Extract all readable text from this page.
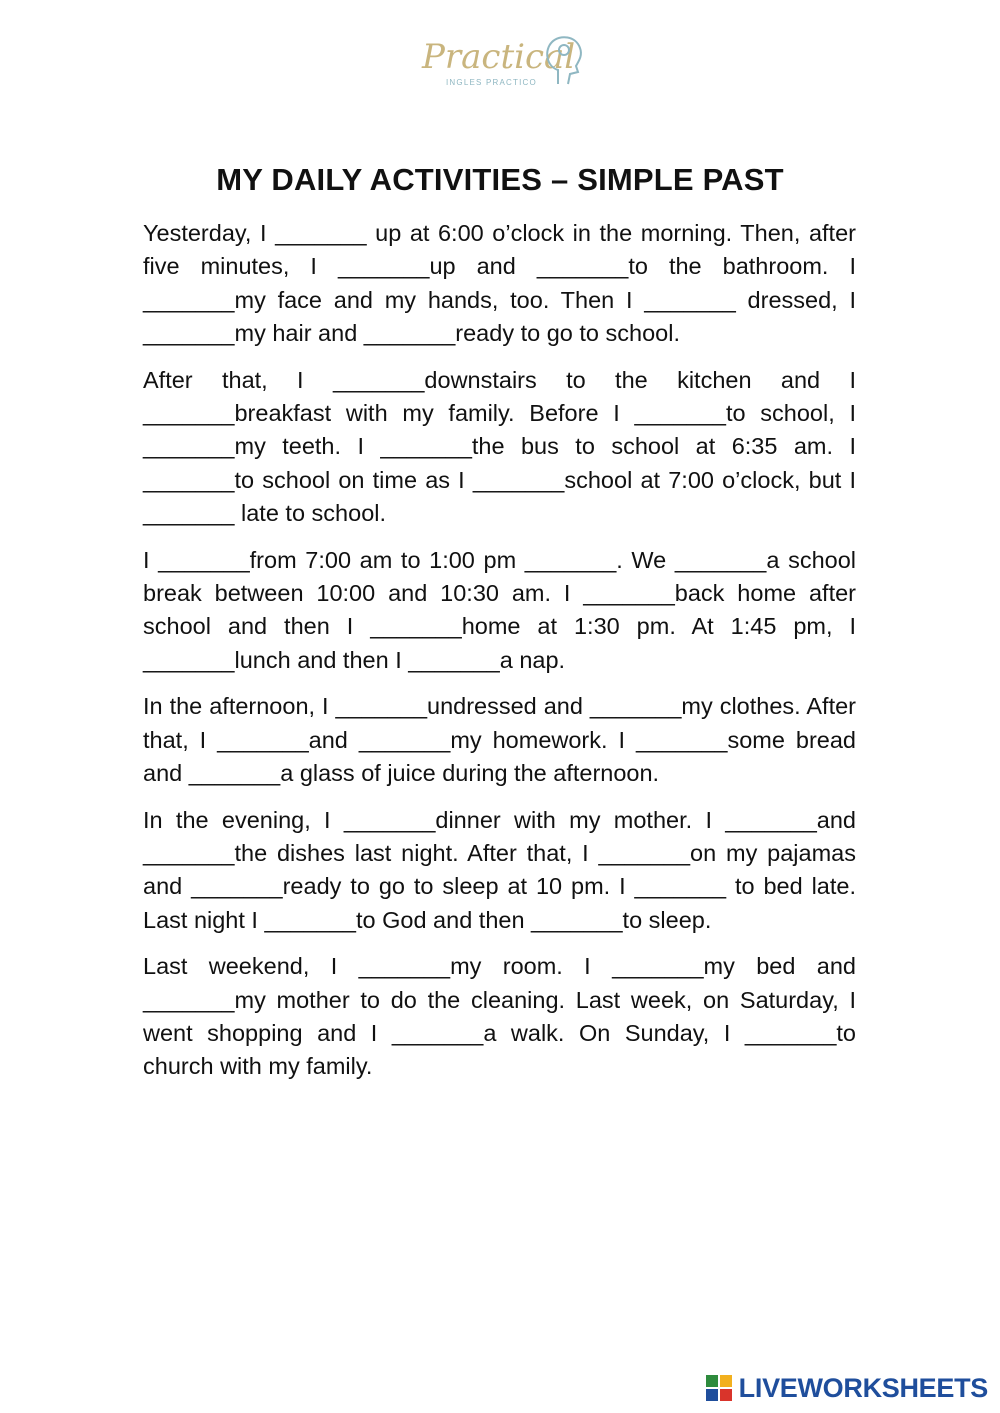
Practical
INGLES PRACTICO
MY DAILY ACTIVITIES – SIMPLE PAST

Yesterday, I _______ up at 6:00 o’clock in the morning. Then, after five minutes, I _______up and _______to the bathroom. I _______my face and my hands, too. Then I _______ dressed, I _______my hair and _______ready to go to school.

After that, I _______downstairs to the kitchen and I _______breakfast with my family. Before I _______to school, I _______my teeth. I _______the bus to school at 6:35 am. I _______to school on time as I _______school at 7:00 o’clock, but I _______ late to school.

I _______from 7:00 am to 1:00 pm _______. We _______a school break between 10:00 and 10:30 am. I _______back home after school and then I _______home at 1:30 pm. At 1:45 pm, I _______lunch and then I _______a nap.

In the afternoon, I _______undressed and _______my clothes. After that, I _______and _______my homework. I _______some bread and _______a glass of juice during the afternoon.

In the evening, I _______dinner with my mother. I _______and _______the dishes last night. After that, I _______on my pajamas and _______ready to go to sleep at 10 pm. I _______ to bed late. Last night I _______to God and then _______to sleep.

Last weekend, I _______my room. I _______my bed and _______my mother to do the cleaning. Last week, on Saturday, I went shopping and I _______a walk. On Sunday, I _______to church with my family.

LIVEWORKSHEETS
